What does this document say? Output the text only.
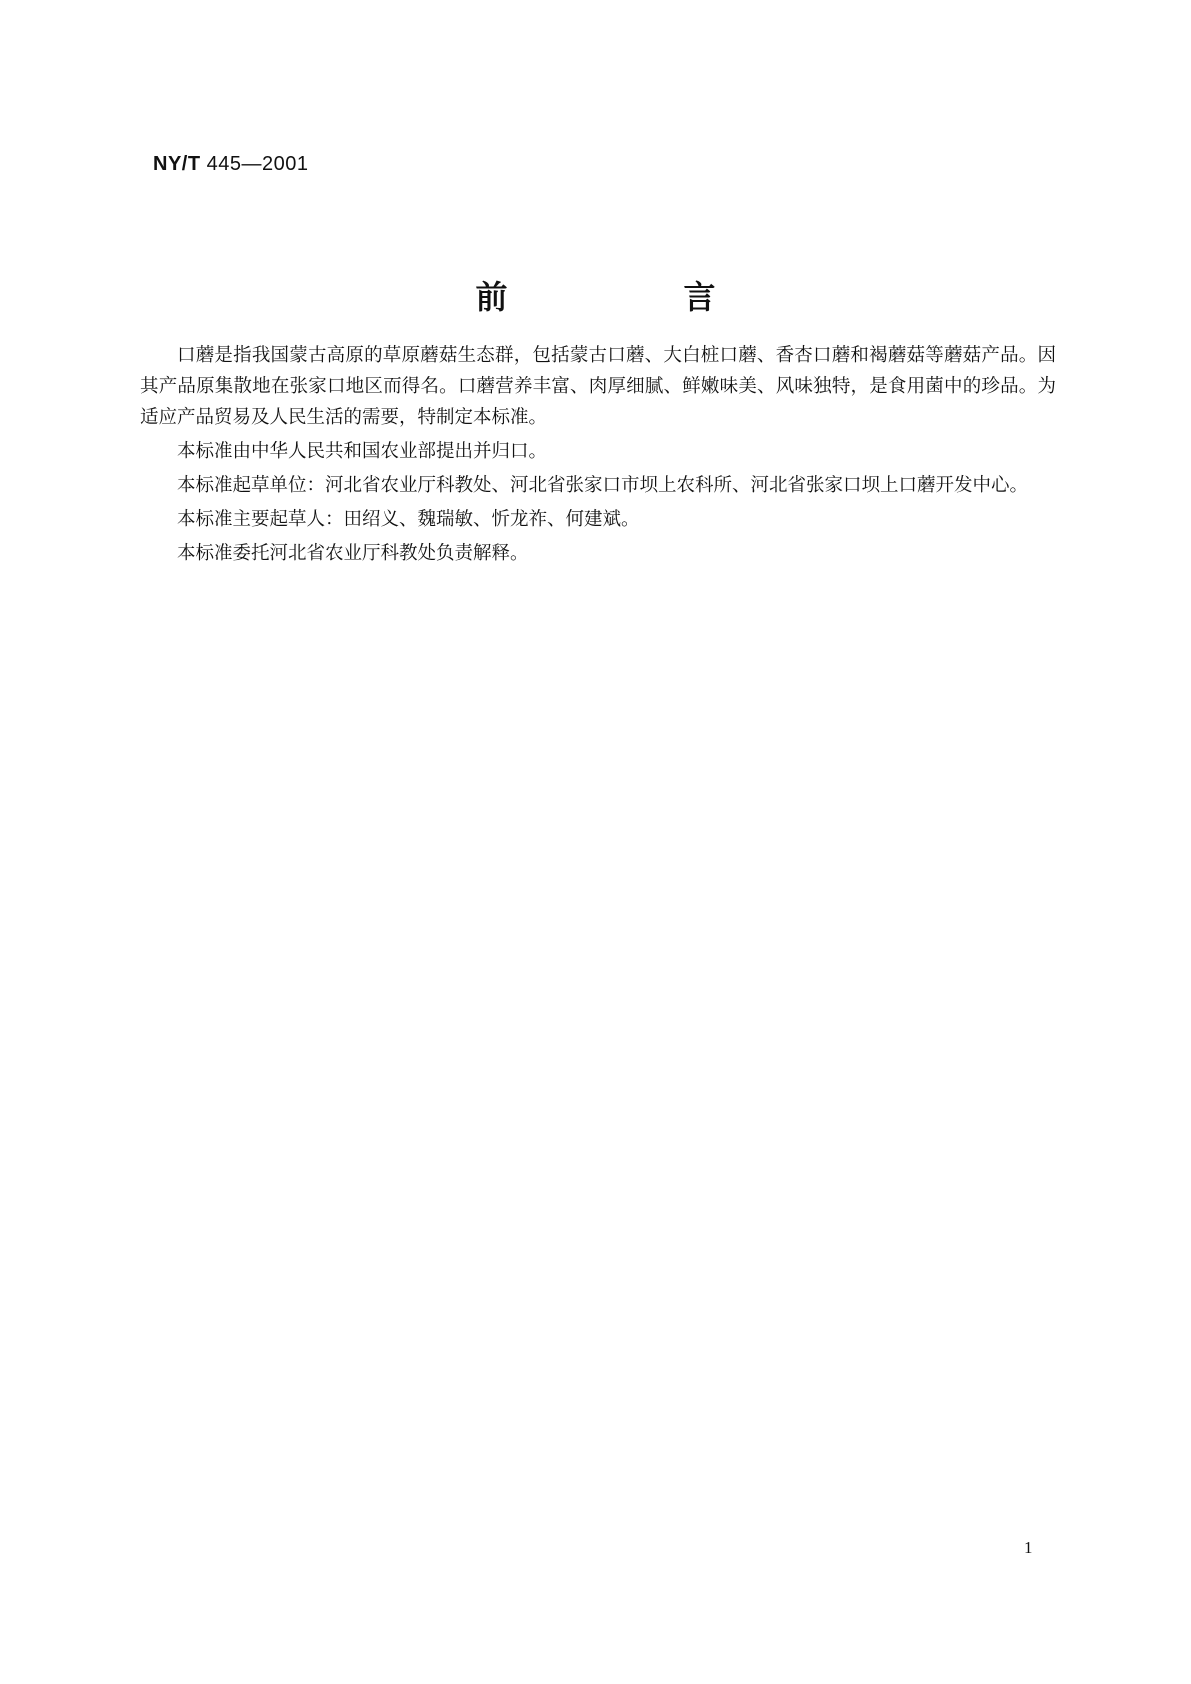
NY/T 445—2001
前　言

口蘑是指我国蒙古高原的草原蘑菇生态群，包括蒙古口蘑、大白桩口蘑、香杏口蘑和褐蘑菇等蘑菇产品。因其产品原集散地在张家口地区而得名。口蘑营养丰富、肉厚细腻、鲜嫩味美、风味独特，是食用菌中的珍品。为适应产品贸易及人民生活的需要，特制定本标准。

本标准由中华人民共和国农业部提出并归口。

本标准起草单位：河北省农业厅科教处、河北省张家口市坝上农科所、河北省张家口坝上口蘑开发中心。

本标准主要起草人：田绍义、魏瑞敏、忻龙祚、何建斌。

本标准委托河北省农业厅科教处负责解释。

1
